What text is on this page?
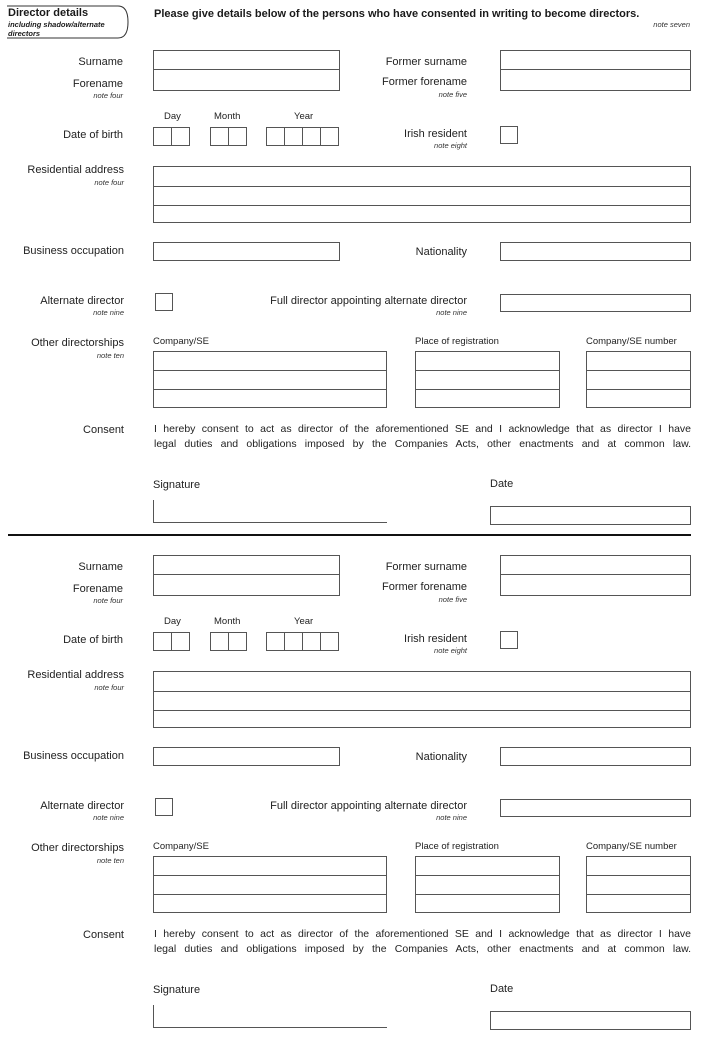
Director details
including shadow/alternate
directors
Please give details below of the persons who have consented in writing to become directors.
note seven
Surname
Forename
note four
Former surname
Former forename
note five
Day	Month	Year
Date of birth	Irish resident
note eight
Residential address
note four
Business occupation	Nationality
Alternate director
note nine
Full director appointing alternate director
note nine
Other directorships
note ten
Company/SE	Place of registration	Company/SE number
Consent	I hereby consent to act as director of the aforementioned SE and I acknowledge that as director I have
legal duties and obligations imposed by the Companies Acts, other enactments and at common law.
Signature	Date
Surname
Forename
note four
Former surname
Former forename
note five
Day	Month	Year
Date of birth	Irish resident
note eight
Residential address
note four
Business occupation	Nationality
Alternate director
note nine
Full director appointing alternate director
note nine
Other directorships
note ten
Company/SE	Place of registration	Company/SE number
Consent	I hereby consent to act as director of the aforementioned SE and I acknowledge that as director I have
legal duties and obligations imposed by the Companies Acts, other enactments and at common law.
Signature	Date
